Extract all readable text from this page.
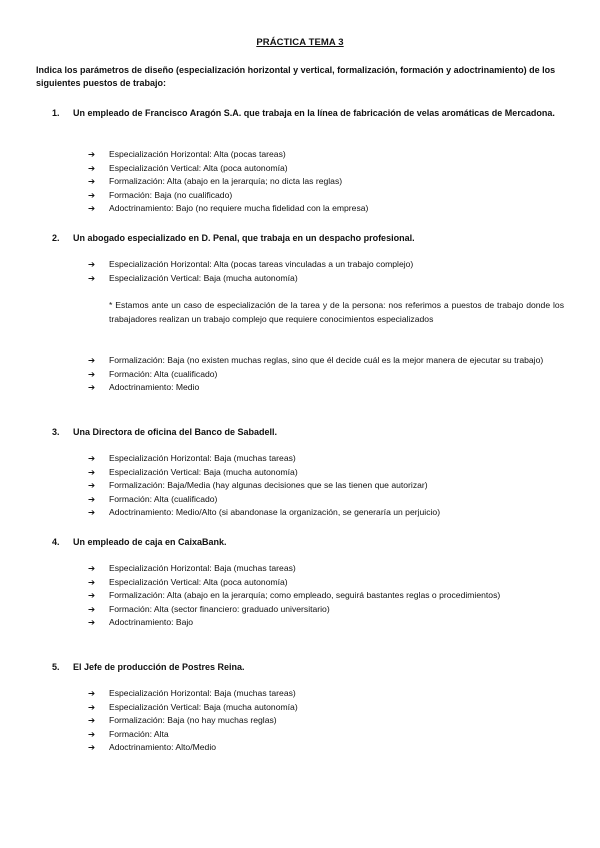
PRÁCTICA TEMA 3
Indica los parámetros de diseño (especialización horizontal y vertical, formalización, formación y adoctrinamiento) de los siguientes puestos de trabajo:
1. Un empleado de Francisco Aragón S.A. que trabaja en la línea de fabricación de velas aromáticas de Mercadona.
➔ Especialización Horizontal: Alta (pocas tareas)
➔ Especialización Vertical: Alta (poca autonomía)
➔ Formalización: Alta (abajo en la jerarquía; no dicta las reglas)
➔ Formación: Baja (no cualificado)
➔ Adoctrinamiento: Bajo (no requiere mucha fidelidad con la empresa)
2. Un abogado especializado en D. Penal, que trabaja en un despacho profesional.
➔ Especialización Horizontal: Alta (pocas tareas vinculadas a un trabajo complejo)
➔ Especialización Vertical: Baja (mucha autonomía)
* Estamos ante un caso de especialización de la tarea y de la persona: nos referimos a puestos de trabajo donde los trabajadores realizan un trabajo complejo que requiere conocimientos especializados
➔ Formalización: Baja (no existen muchas reglas, sino que él decide cuál es la mejor manera de ejecutar su trabajo)
➔ Formación: Alta (cualificado)
➔ Adoctrinamiento: Medio
3. Una Directora de oficina del Banco de Sabadell.
➔ Especialización Horizontal: Baja (muchas tareas)
➔ Especialización Vertical: Baja (mucha autonomía)
➔ Formalización: Baja/Media (hay algunas decisiones que se las tienen que autorizar)
➔ Formación: Alta (cualificado)
➔ Adoctrinamiento: Medio/Alto (si abandonase la organización, se generaría un perjuicio)
4. Un empleado de caja en CaixaBank.
➔ Especialización Horizontal: Baja (muchas tareas)
➔ Especialización Vertical: Alta (poca autonomía)
➔ Formalización: Alta (abajo en la jerarquía; como empleado, seguirá bastantes reglas o procedimientos)
➔ Formación: Alta (sector financiero: graduado universitario)
➔ Adoctrinamiento: Bajo
5. El Jefe de producción de Postres Reina.
➔ Especialización Horizontal: Baja (muchas tareas)
➔ Especialización Vertical: Baja (mucha autonomía)
➔ Formalización: Baja (no hay muchas reglas)
➔ Formación: Alta
➔ Adoctrinamiento: Alto/Medio
